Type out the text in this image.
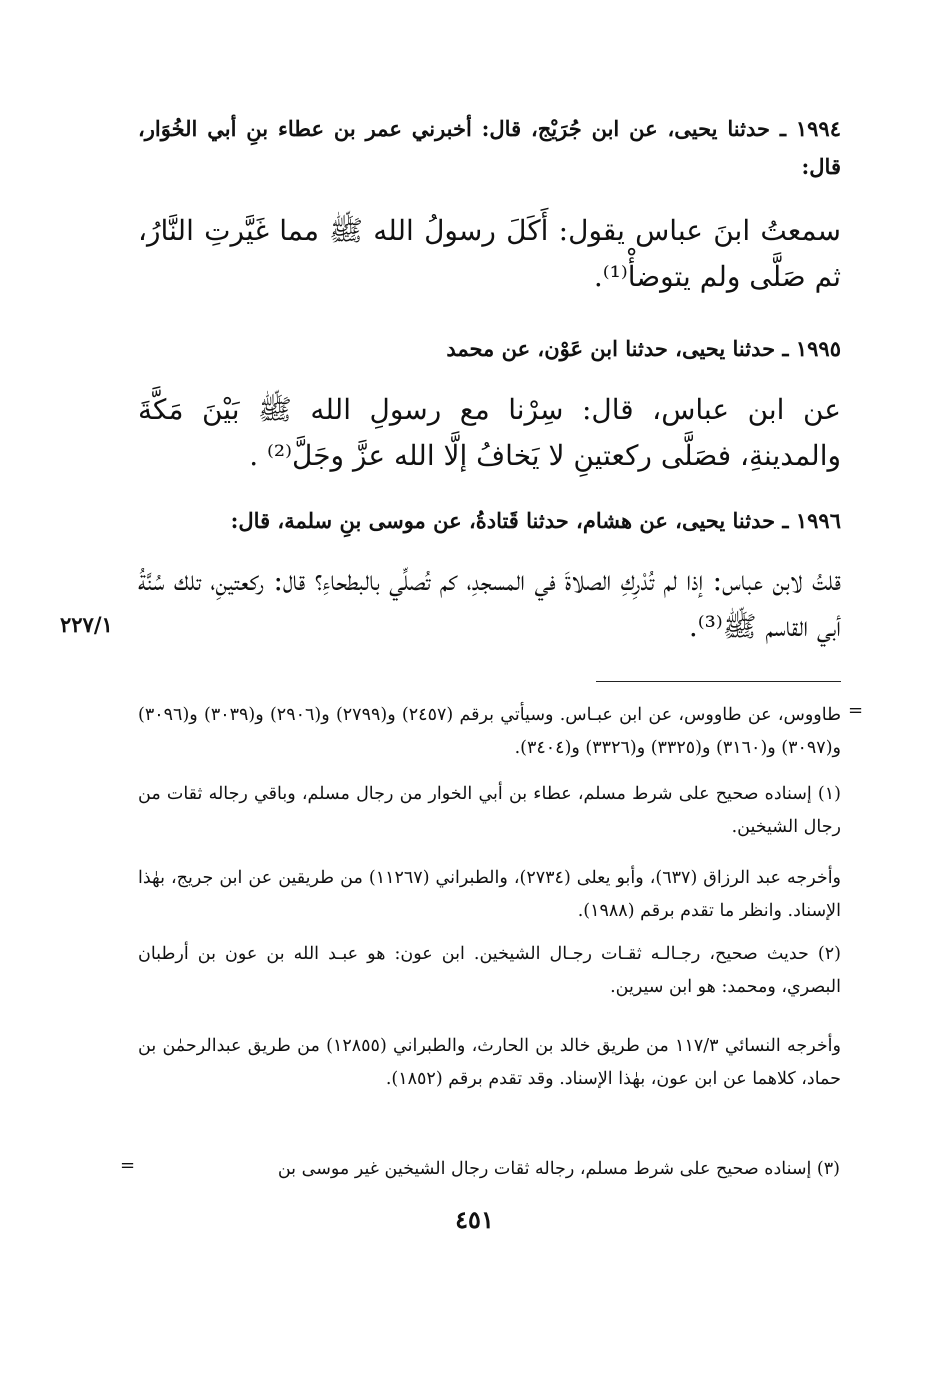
١٩٩٤ ـ حدثنا يحيى، عن ابن جُرَيْج، قال: أخبرني عمر بن عطاء بنِ أبي الخُوَار، قال:
سمعتُ ابنَ عباس يقول: أَكَلَ رسولُ الله ﷺ مما غَيَّرتِ النَّارُ، ثم صَلَّى ولم يتوضأْ⁽¹⁾.
١٩٩٥ ـ حدثنا يحيى، حدثنا ابن عَوْن، عن محمد
عن ابن عباس، قال: سِرْنا مع رسولِ الله ﷺ بَيْنَ مَكَّةَ والمدينةِ، فصَلَّى ركعتينِ لا يَخافُ إلَّا الله عزَّ وجَلَّ⁽²⁾ .
١٩٩٦ ـ حدثنا يحيى، عن هشام، حدثنا قَتادةُ، عن موسى بنِ سلمة، قال:
قلتُ لابن عباس: إذا لم تُدْرِكِ الصلاةَ في المسجدِ، كم تُصلِّي بالبطحاءِ؟ قال: ركعتينِ، تلك سُنَّةُ أبي القاسم ﷺ⁽³⁾.
٢٢٧/١
=
طاووس، عن طاووس، عن ابن عبـاس. وسيأتي برقم (٢٤٥٧) و(٢٧٩٩) و(٢٩٠٦) و(٣٠٣٩) و(٣٠٩٦) و(٣٠٩٧) و(٣١٦٠) و(٣٣٢٥) و(٣٣٢٦) و(٣٤٠٤).
(١) إسناده صحيح على شرط مسلم، عطاء بن أبي الخوار من رجال مسلم، وباقي رجاله ثقات من رجال الشيخين.
وأخرجه عبد الرزاق (٦٣٧)، وأبو يعلى (٢٧٣٤)، والطبراني (١١٢٦٧) من طريقين عن ابن جريج، بهٰذا الإسناد. وانظر ما تقدم برقم (١٩٨٨).
(٢) حديث صحيح، رجـالـه ثقـات رجـال الشيخين. ابن عون: هو عبـد الله بن عون بن أرطبان البصري، ومحمد: هو ابن سيرين.
وأخرجه النسائي ١١٧/٣ من طريق خالد بن الحارث، والطبراني (١٢٨٥٥) من طريق عبدالرحمٰن بن حماد، كلاهما عن ابن عون، بهٰذا الإسناد. وقد تقدم برقم (١٨٥٢).
(٣) إسناده صحيح على شرط مسلم، رجاله ثقات رجال الشيخين غير موسى بن
=
٤٥١
